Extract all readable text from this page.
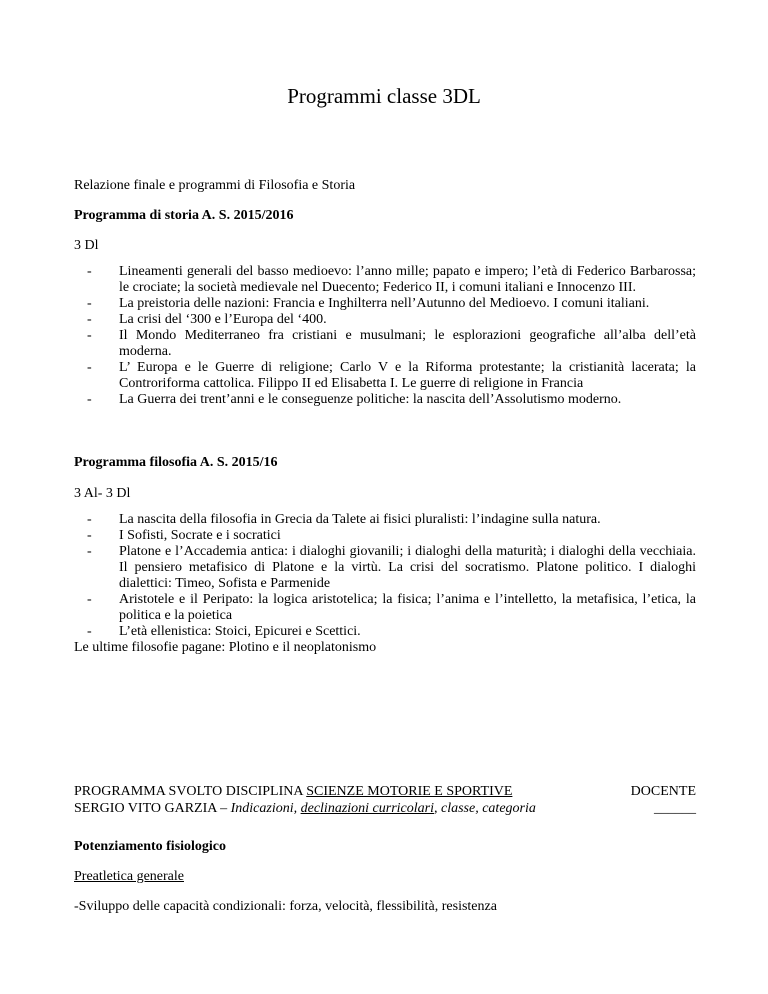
Programmi classe 3DL
Relazione finale e programmi di Filosofia e Storia
Programma di storia A. S. 2015/2016
3 Dl
- Lineamenti generali del basso medioevo: l’anno mille; papato e impero; l’età di Federico Barbarossa; le crociate; la società medievale nel Duecento; Federico II, i comuni italiani e Innocenzo III.
- La preistoria delle nazioni: Francia e Inghilterra nell’Autunno del Medioevo. I comuni italiani.
- La crisi del ‘300 e l’Europa del ‘400.
- Il Mondo Mediterraneo fra cristiani e musulmani; le esplorazioni geografiche all’alba dell’età moderna.
- L’ Europa e le Guerre di religione; Carlo V e la Riforma protestante; la cristianità lacerata; la Controriforma cattolica. Filippo II ed Elisabetta I. Le guerre di religione in Francia
- La Guerra dei trent’anni e le conseguenze politiche: la nascita dell’Assolutismo moderno.
Programma filosofia A. S. 2015/16
3 Al- 3 Dl
- La nascita della filosofia in Grecia da Talete ai fisici pluralisti: l’indagine sulla natura.
- I Sofisti, Socrate e i socratici
- Platone e l’Accademia antica: i dialoghi giovanili; i dialoghi della maturità; i dialoghi della vecchiaia. Il pensiero metafisico di Platone e la virtù. La crisi del socratismo. Platone politico. I dialoghi dialettici: Timeo, Sofista e Parmenide
- Aristotele e il Peripato: la logica aristotelica; la fisica; l’anima e l’intelletto, la metafisica, l’etica, la politica e la poietica
- L’età ellenistica: Stoici, Epicurei e Scettici.
Le ultime filosofie pagane: Plotino e il neoplatonismo
PROGRAMMA SVOLTO DISCIPLINA SCIENZE MOTORIE E SPORTIVE	DOCENTE
SERGIO VITO GARZIA – Indicazioni, declinazioni curricolari, classe, categoria	______
Potenziamento fisiologico
Preatletica generale
-Sviluppo delle capacità condizionali: forza, velocità, flessibilità, resistenza
